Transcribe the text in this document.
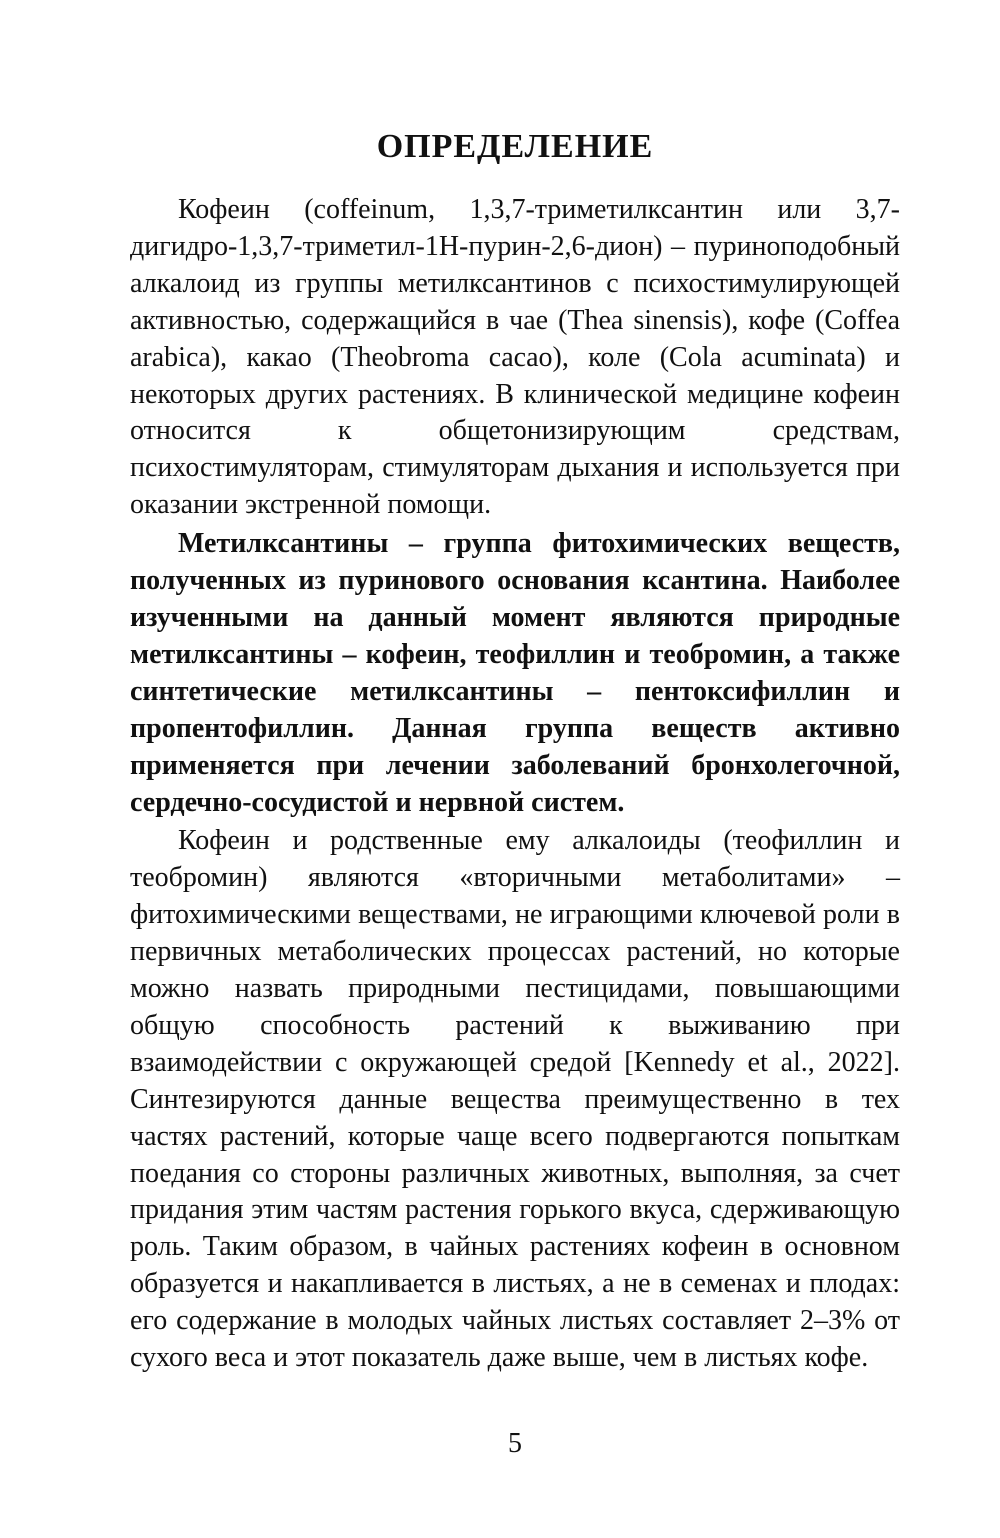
ОПРЕДЕЛЕНИЕ

Кофеин (coffeinum, 1,3,7-триметилксантин или 3,7-дигидро-1,3,7-триметил-1H-пурин-2,6-дион) – пуриноподобный алкалоид из группы метилксантинов с психостимулирующей активностью, содержащийся в чае (Thea sinensis), кофе (Coffea arabica), какао (Theobroma cacao), коле (Cola acuminata) и некоторых других растениях. В клинической медицине кофеин относится к общетонизирующим средствам, психостимуляторам, стимуляторам дыхания и используется при оказании экстренной помощи.

Метилксантины – группа фитохимических веществ, полученных из пуринового основания ксантина. Наиболее изученными на данный момент являются природные метилксантины – кофеин, теофиллин и теобромин, а также синтетические метилксантины – пентоксифиллин и пропентофиллин. Данная группа веществ активно применяется при лечении заболеваний бронхолегочной, сердечно-сосудистой и нервной систем.

Кофеин и родственные ему алкалоиды (теофиллин и теобромин) являются «вторичными метаболитами» – фитохимическими веществами, не играющими ключевой роли в первичных метаболических процессах растений, но которые можно назвать природными пестицидами, повышающими общую способность растений к выживанию при взаимодействии с окружающей средой [Kennedy et al., 2022]. Синтезируются данные вещества преимущественно в тех частях растений, которые чаще всего подвергаются попыткам поедания со стороны различных животных, выполняя, за счет придания этим частям растения горького вкуса, сдерживающую роль. Таким образом, в чайных растениях кофеин в основном образуется и накапливается в листьях, а не в семенах и плодах: его содержание в молодых чайных листьях составляет 2–3% от сухого веса и этот показатель даже выше, чем в листьях кофе.

5
